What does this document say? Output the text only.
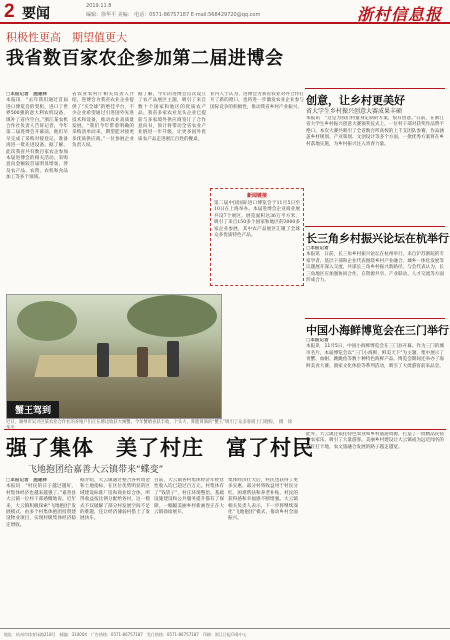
2 要闻	2019.11.8
编辑：徐华平 美编： 电话：0571-86757187 E-mail:568429720@qq.com	浙村信息报
积极性更高　期望值更大
我省数百家农企参加第二届进博会
□本报记者　施建林
本报讯　“去年我们通过首届进口博览会的契机，进口了世界500强的意大利农机设备，填补了省内空白。”浙江某农机合作社负责人告诉记者，今年第二届进博会开幕前，他们早早完成了采购对接登记，准备再进一批先进设备。据了解，此次我省共有数百家农企参加本届进博会的相关活动，采购意向金额较首届明显增加，涉及农产品、农资、农机和食品加工等多个领域。
省农业农村厅相关负责人介绍，进博会为我省农业企业提供了“买全球”的绝佳平台，不少企业希望通过引进国外先进技术和设备，推动农业高质量发展。“我们今年带着明确的采购清单而来，期望能对接更多优质供应商。”一位参展企业负责人说。
据了解，今年的进博会首次设立了农产品展区主题，吸引了来自数十个国家和地区的优质农产品。我省多家农业龙头企业已提前与多家境外供应商签订了合作意向书，预计将带动全省农业产业链进一步升级，让更多国外优质农产品走进浙江百姓的餐桌。
业内人士认为，进博会为我省农业对外合作打开了新的窗口，也将进一步激发农业企业参与国际竞争的积极性，推动我省乡村产业振兴。
新闻链接
第二届中国国际进口博览会于11月5日至10日在上海举办。本届进博会企业商业展共设7个展区，展览面积达36万平方米，吸引了来自150多个国家和地区的3000多家企业参展，其中农产品展区汇聚了全球众多优质特色产品。
蟹王驾到
近日，湖州市吴兴区某农业合作社的养殖户们正在塘边收获大闸蟹。今年蟹塘喜获丰收，个头大、膏肥黄满的“蟹王”吸引了众多客商上门收购。　摄　徐
创意，让乡村更美好
省大学生乡村振兴创意大赛成果丰硕
本报讯　“这是为我们村量身定制的方案，很有创意。”日前，在浙江省大学生乡村振兴创意大赛颁奖仪式上，一位村干部对获奖作品赞不绝口。本次大赛共吸引了全省数百所高校的上千支团队参赛，作品涵盖乡村规划、产业策划、文创设计等多个方面，一批优秀方案将在乡村落地实施，为乡村振兴注入青春力量。
长三角乡村振兴论坛在杭举行
□本报记者
本报讯　日前，长三角乡村振兴论坛在杭州举行。来自沪苏浙皖的专家学者、基层干部和企业代表围绕乡村产业融合、城乡一体化发展等议题展开深入交流，共谋长三角乡村振兴新路径。与会代表认为，长三角地区应加强协同合作，在资源共享、产业联动、人才交流等方面形成合力。
中国小海鲜博览会在三门举行
□本报记者
本报讯　11月5日，中国小海鲜博览会在三门县开幕。作为三门的城市名片，本届博览会以“三门小海鲜，鲜美天下”为主题，集中展示了青蟹、血蚶、跳跳鱼等数十种特色海鲜产品。博览会期间还举办了海鲜美食大赛、渔家文化体验等系列活动，吸引了大批游客前来品尝。
强了集体　美了村庄　富了村民
飞地抱团给嘉善大云镇带来“蝶变”
□本报记者　施建林
本报讯　“村民的日子越过越好，村集体经济也越来越强了。”嘉善县大云镇一位村干部感慨地说。近年来，大云镇积极探索“飞地抱团”发展模式，由多个村集体抱团投资建设物业项目，实现村级集体经济稳定增收。
据介绍，大云镇通过整合各村资金和土地指标，在区位优势明显的区域建设标准厂房和商业综合体，所得收益按比例分配给各村。这一模式不仅破解了部分村发展空间不足的难题，还让经济薄弱村搭上了发展快车。
目前，大云镇各村集体经济年经营性收入均已超过百万元。村集体有了“钱袋子”，村庄环境整治、基础设施建设和公共服务提升都有了保障，一幅幅美丽乡村新画卷正在大云镇徐徐展开。
集体经济壮大后，村民也获得了更多实惠。部分村将收益用于村民分红、困难帮扶和养老补贴，村民的获得感和幸福感不断增强。大云镇相关负责人表示，下一步将继续深化“飞地抱团”模式，推动乡村全面振兴。
此外，大云镇还依托特色农业和乡村旅游资源，打造了一批精品民宿和农家乐，吸引了大量游客。美丽乡村建设让大云镇成为远近闻名的网红打卡地，农文旅融合发展的路子越走越宽。
地址：杭州市体育场路218号　邮编：310004　广告热线：0571-86757187　发行热线：0571-86757187　印刷：浙江日报印务中心
